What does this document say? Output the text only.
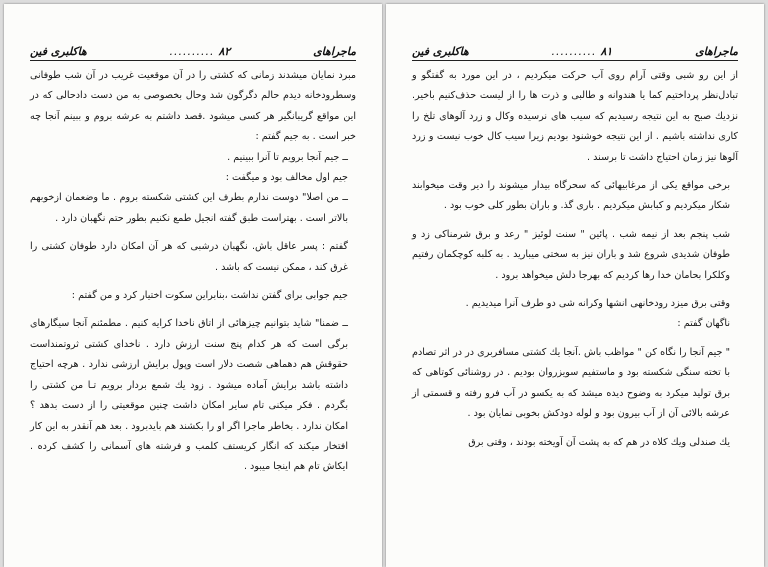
ماجراهای
۸۲
..........
هاكلبری فين

مبرد نمایان میشدند زمانی كه كشتی را در آن موقعیت غریب در آن شب طوفانی وسطرودخانه دیدم حالم دگرگون شد وحال بخصوصی به من دست دادحالی كه در این مواقع گریبانگیر هر كسی میشود .قصد داشتم به عرشه بروم و ببینم آنجا چه خبر است . به جیم گفتم :

ــ جیم آنجا برویم تا آنرا ببینیم .

جیم اول مخالف بود و میگفت :

ــ من اصلا" دوست ندارم بطرف این كشتی شكسته بروم . ما وضعمان ازخوبهم بالاتر است . بهتراست طبق گفته انجیل طمع نكنیم بطور حتم نگهبان دارد .

گفتم : پسر عاقل باش. نگهبان درشبی كه هر آن امكان دارد طوفان كشتی را غرق كند ، ممكن نیست كه باشد .

جیم جوابی برای گفتن نداشت ،بنابراین سكوت اختیار كرد و من گفتم :

ــ ضمنا" شاید بتوانیم چیزهائی از اتاق ناخدا كرایه كنیم . مطمئنم آنجا سیگارهای برگی است كه هر كدام پنج سنت ارزش دارد . ناخدای كشتی ثروتمنداست حقوقش هم دهماهی شصت دلار است وپول برایش ارزشی ندارد . هرچه احتیاج داشته باشد برایش آماده میشود . زود یك شمع بردار برویم تـا من كشتی را بگردم . فكر میكنی تام سایر امكان داشت چنین موقعیتی را از دست بدهد ؟ امكان ندارد . بخاطر ماجرا اگر او را بكشند هم بایدبرود . بعد هم آنقدر به این كار افتخار میكند كه انگار كریستف كلمب و فرشته های آسمانی را كشف كرده . ایكاش تام هم اینجا میبود .

ماجراهای
۸۱
..........
هاكلبری فين

از این رو شبی وقتی آرام روی آب حركت میكردیم ، در این مورد به گفتگو و تبادل‌نظر پرداختیم كما یا هندوانه و طالبی و ذرت ها را از لیست حذف‌كنیم باخیر. نزدیك صبح به این نتیجه رسیدیم كه سیب های نرسیده وكال و زرد آلوهای تلخ را كاری نداشته باشیم . از این نتیجه خوشنود بودیم زیرا سیب كال خوب نیست و زرد آلوها نیز زمان احتیاج داشت تا برسند .

برخی مواقع یكی از مرغابیهائی كه سحرگاه بیدار میشوند را دیر وقت میخوابند شكار میكردیم و كبابش میكردیم . باری گذ. و باران بطور كلی خوب بود .

شب پنجم بعد از نیمه شب . پائین " سنت لوئیز " رعد و برق شرمناكی زد و طوفان شدیدی شروع شد و باران نیز به سختی میبارید . به كلبه كوچكمان رفتیم وكلكرا بحامان خدا رها كردیم كه بهرجا دلش میخواهد برود .

وقتی برق میزد رودخانهی انشها وكرانه شی دو طرف آنرا میدیدیم .

ناگهان گفتم :

" جیم آنجا را نگاه كن " مواظب باش .آنجا یك كشتی مسافربری در در اثر تصادم با تخته سنگی شكسته بود و ماستفیم سویزروان بودیم . در روشنائی كوتاهی كه برق تولید میكرد به وضوح دیده میشد كه به یكسو در آب فرو رفته و قسمتی از عرشه بالائی آن از آب بیرون بود و لوله دودكش بخوبی نمایان بود .

یك صندلی ویك كلاه در هم كه به پشت آن آویخته بودند ، وقتی برق
